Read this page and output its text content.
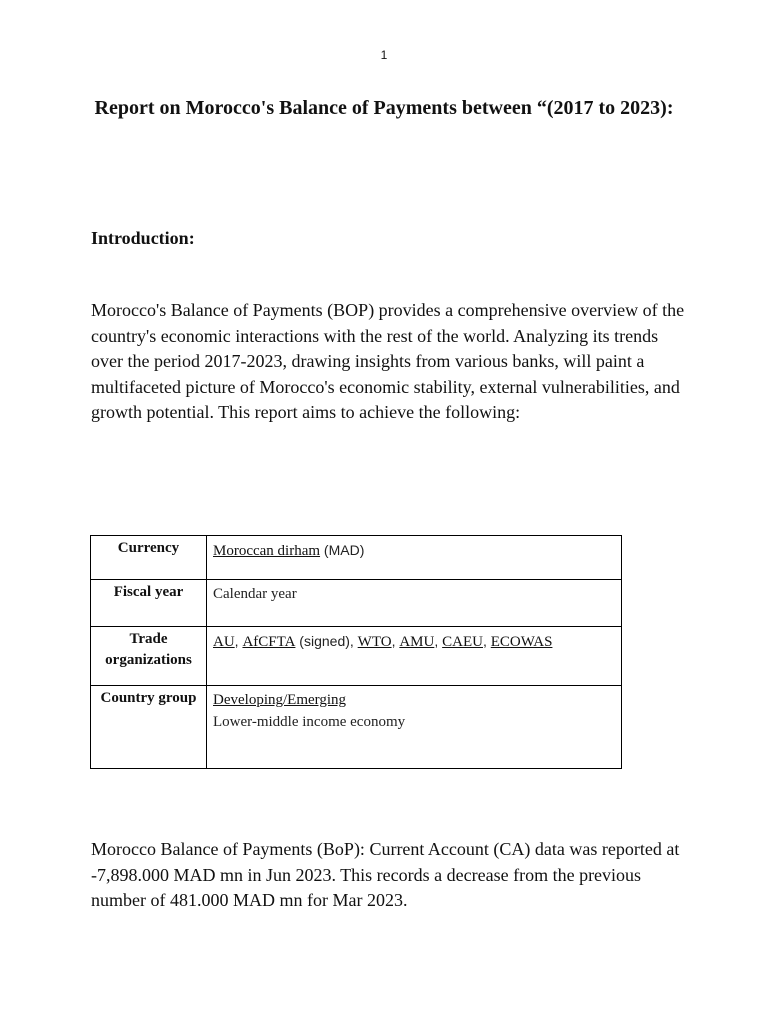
1
Report on Morocco's Balance of Payments between “(2017 to 2023):
Introduction:

Morocco's Balance of Payments (BOP) provides a comprehensive overview of the country's economic interactions with the rest of the world. Analyzing its trends over the period 2017-2023, drawing insights from various banks, will paint a multifaceted picture of Morocco's economic stability, external vulnerabilities, and growth potential. This report aims to achieve the following:

Currency	Moroccan dirham (MAD)
Fiscal year	Calendar year
Trade organizations	AU, AfCFTA (signed), WTO, AMU, CAEU, ECOWAS
Country group	Developing/Emerging
Lower-middle income economy

Morocco Balance of Payments (BoP): Current Account (CA) data was reported at -7,898.000 MAD mn in Jun 2023. This records a decrease from the previous number of 481.000 MAD mn for Mar 2023.
